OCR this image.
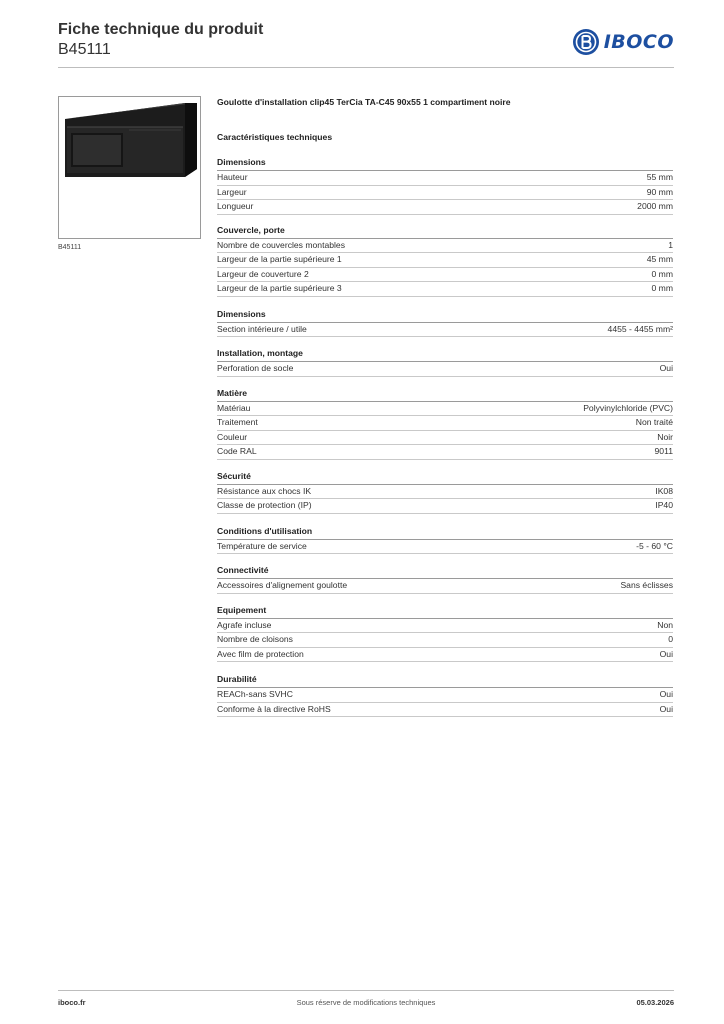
Fiche technique du produit
B45111	IBOCO
B45111
Goulotte d'installation clip45 TerCia TA-C45 90x55 1 compartiment noire
Caractéristiques techniques
Dimensions
Hauteur	55 mm
Largeur	90 mm
Longueur	2000 mm
Couvercle, porte
Nombre de couvercles montables	1
Largeur de la partie supérieure 1	45 mm
Largeur de couverture 2	0 mm
Largeur de la partie supérieure 3	0 mm
Dimensions
Section intérieure / utile	4455 - 4455 mm²
Installation, montage
Perforation de socle	Oui
Matière
Matériau	Polyvinylchloride (PVC)
Traitement	Non traité
Couleur	Noir
Code RAL	9011
Sécurité
Résistance aux chocs IK	IK08
Classe de protection (IP)	IP40
Conditions d'utilisation
Température de service	-5 - 60 °C
Connectivité
Accessoires d'alignement goulotte	Sans éclisses
Equipement
Agrafe incluse	Non
Nombre de cloisons	0
Avec film de protection	Oui
Durabilité
REACh-sans SVHC	Oui
Conforme à la directive RoHS	Oui
iboco.fr	Sous réserve de modifications techniques	05.03.2026
